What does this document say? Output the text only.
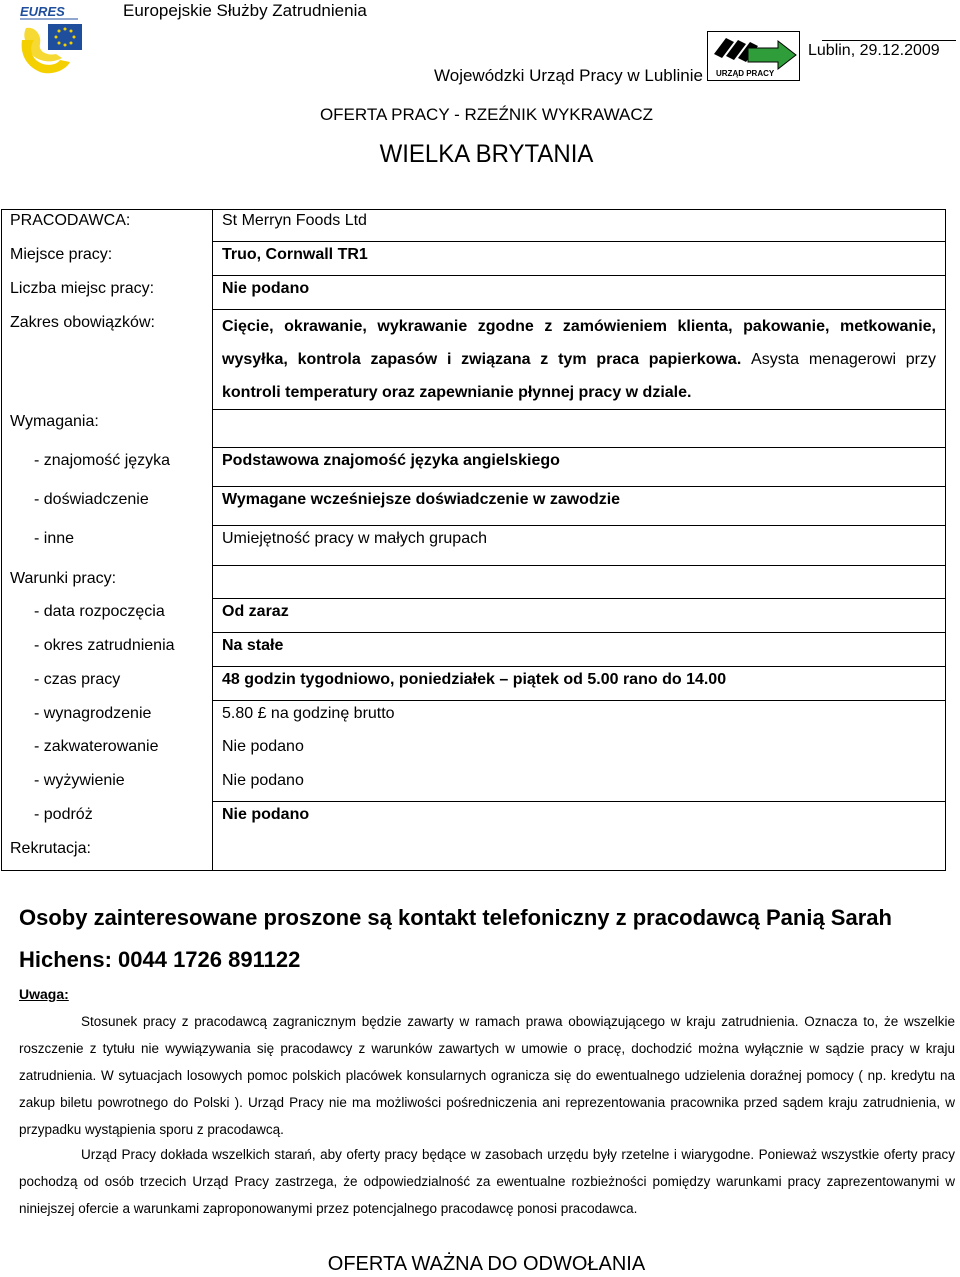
EURES	Europejskie Służby Zatrudnienia
Wojewódzki Urząd Pracy w Lublinie URZĄD PRACY
Lublin, 29.12.2009
OFERTA PRACY - RZEŹNIK WYKRAWACZ
WIELKA BRYTANIA
PRACODAWCA:	St Merryn Foods Ltd
Miejsce pracy:	Truo, Cornwall TR1
Liczba miejsc pracy:	Nie podano
Zakres obowiązków:	Cięcie, okrawanie, wykrawanie zgodne z zamówieniem klienta, pakowanie, metkowanie, wysyłka, kontrola zapasów i związana z tym praca papierkowa. Asysta menagerowi przy kontroli temperatury oraz zapewnianie płynnej pracy w dziale.
Wymagania:
- znajomość języka	Podstawowa znajomość języka angielskiego
- doświadczenie	Wymagane wcześniejsze doświadczenie w zawodzie
- inne	Umiejętność pracy w małych grupach
Warunki pracy:
- data rozpoczęcia	Od zaraz
- okres zatrudnienia	Na stałe
- czas pracy	48 godzin tygodniowo, poniedziałek – piątek od 5.00 rano do 14.00
- wynagrodzenie	5.80 £ na godzinę brutto
- zakwaterowanie	Nie podano
- wyżywienie	Nie podano
- podróż	Nie podano
Rekrutacja:
Osoby zainteresowane proszone są kontakt telefoniczny z pracodawcą Panią Sarah Hichens: 0044 1726 891122
Uwaga:
Stosunek pracy z pracodawcą zagranicznym będzie zawarty w ramach prawa obowiązującego w kraju zatrudnienia. Oznacza to, że wszelkie roszczenie z tytułu nie wywiązywania się pracodawcy z warunków zawartych w umowie o pracę, dochodzić można wyłącznie w sądzie pracy w kraju zatrudnienia. W sytuacjach losowych pomoc polskich placówek konsularnych ogranicza się do ewentualnego udzielenia doraźnej pomocy ( np. kredytu na zakup biletu powrotnego do Polski ). Urząd Pracy nie ma możliwości pośredniczenia ani reprezentowania pracownika przed sądem kraju zatrudnienia, w przypadku wystąpienia sporu z pracodawcą.
Urząd Pracy dokłada wszelkich starań, aby oferty pracy będące w zasobach urzędu były rzetelne i wiarygodne. Ponieważ wszystkie oferty pracy pochodzą od osób trzecich Urząd Pracy zastrzega, że odpowiedzialność za ewentualne rozbieżności pomiędzy warunkami pracy zaprezentowanymi w niniejszej ofercie a warunkami zaproponowanymi przez potencjalnego pracodawcę ponosi pracodawca.
OFERTA WAŻNA DO ODWOŁANIA
